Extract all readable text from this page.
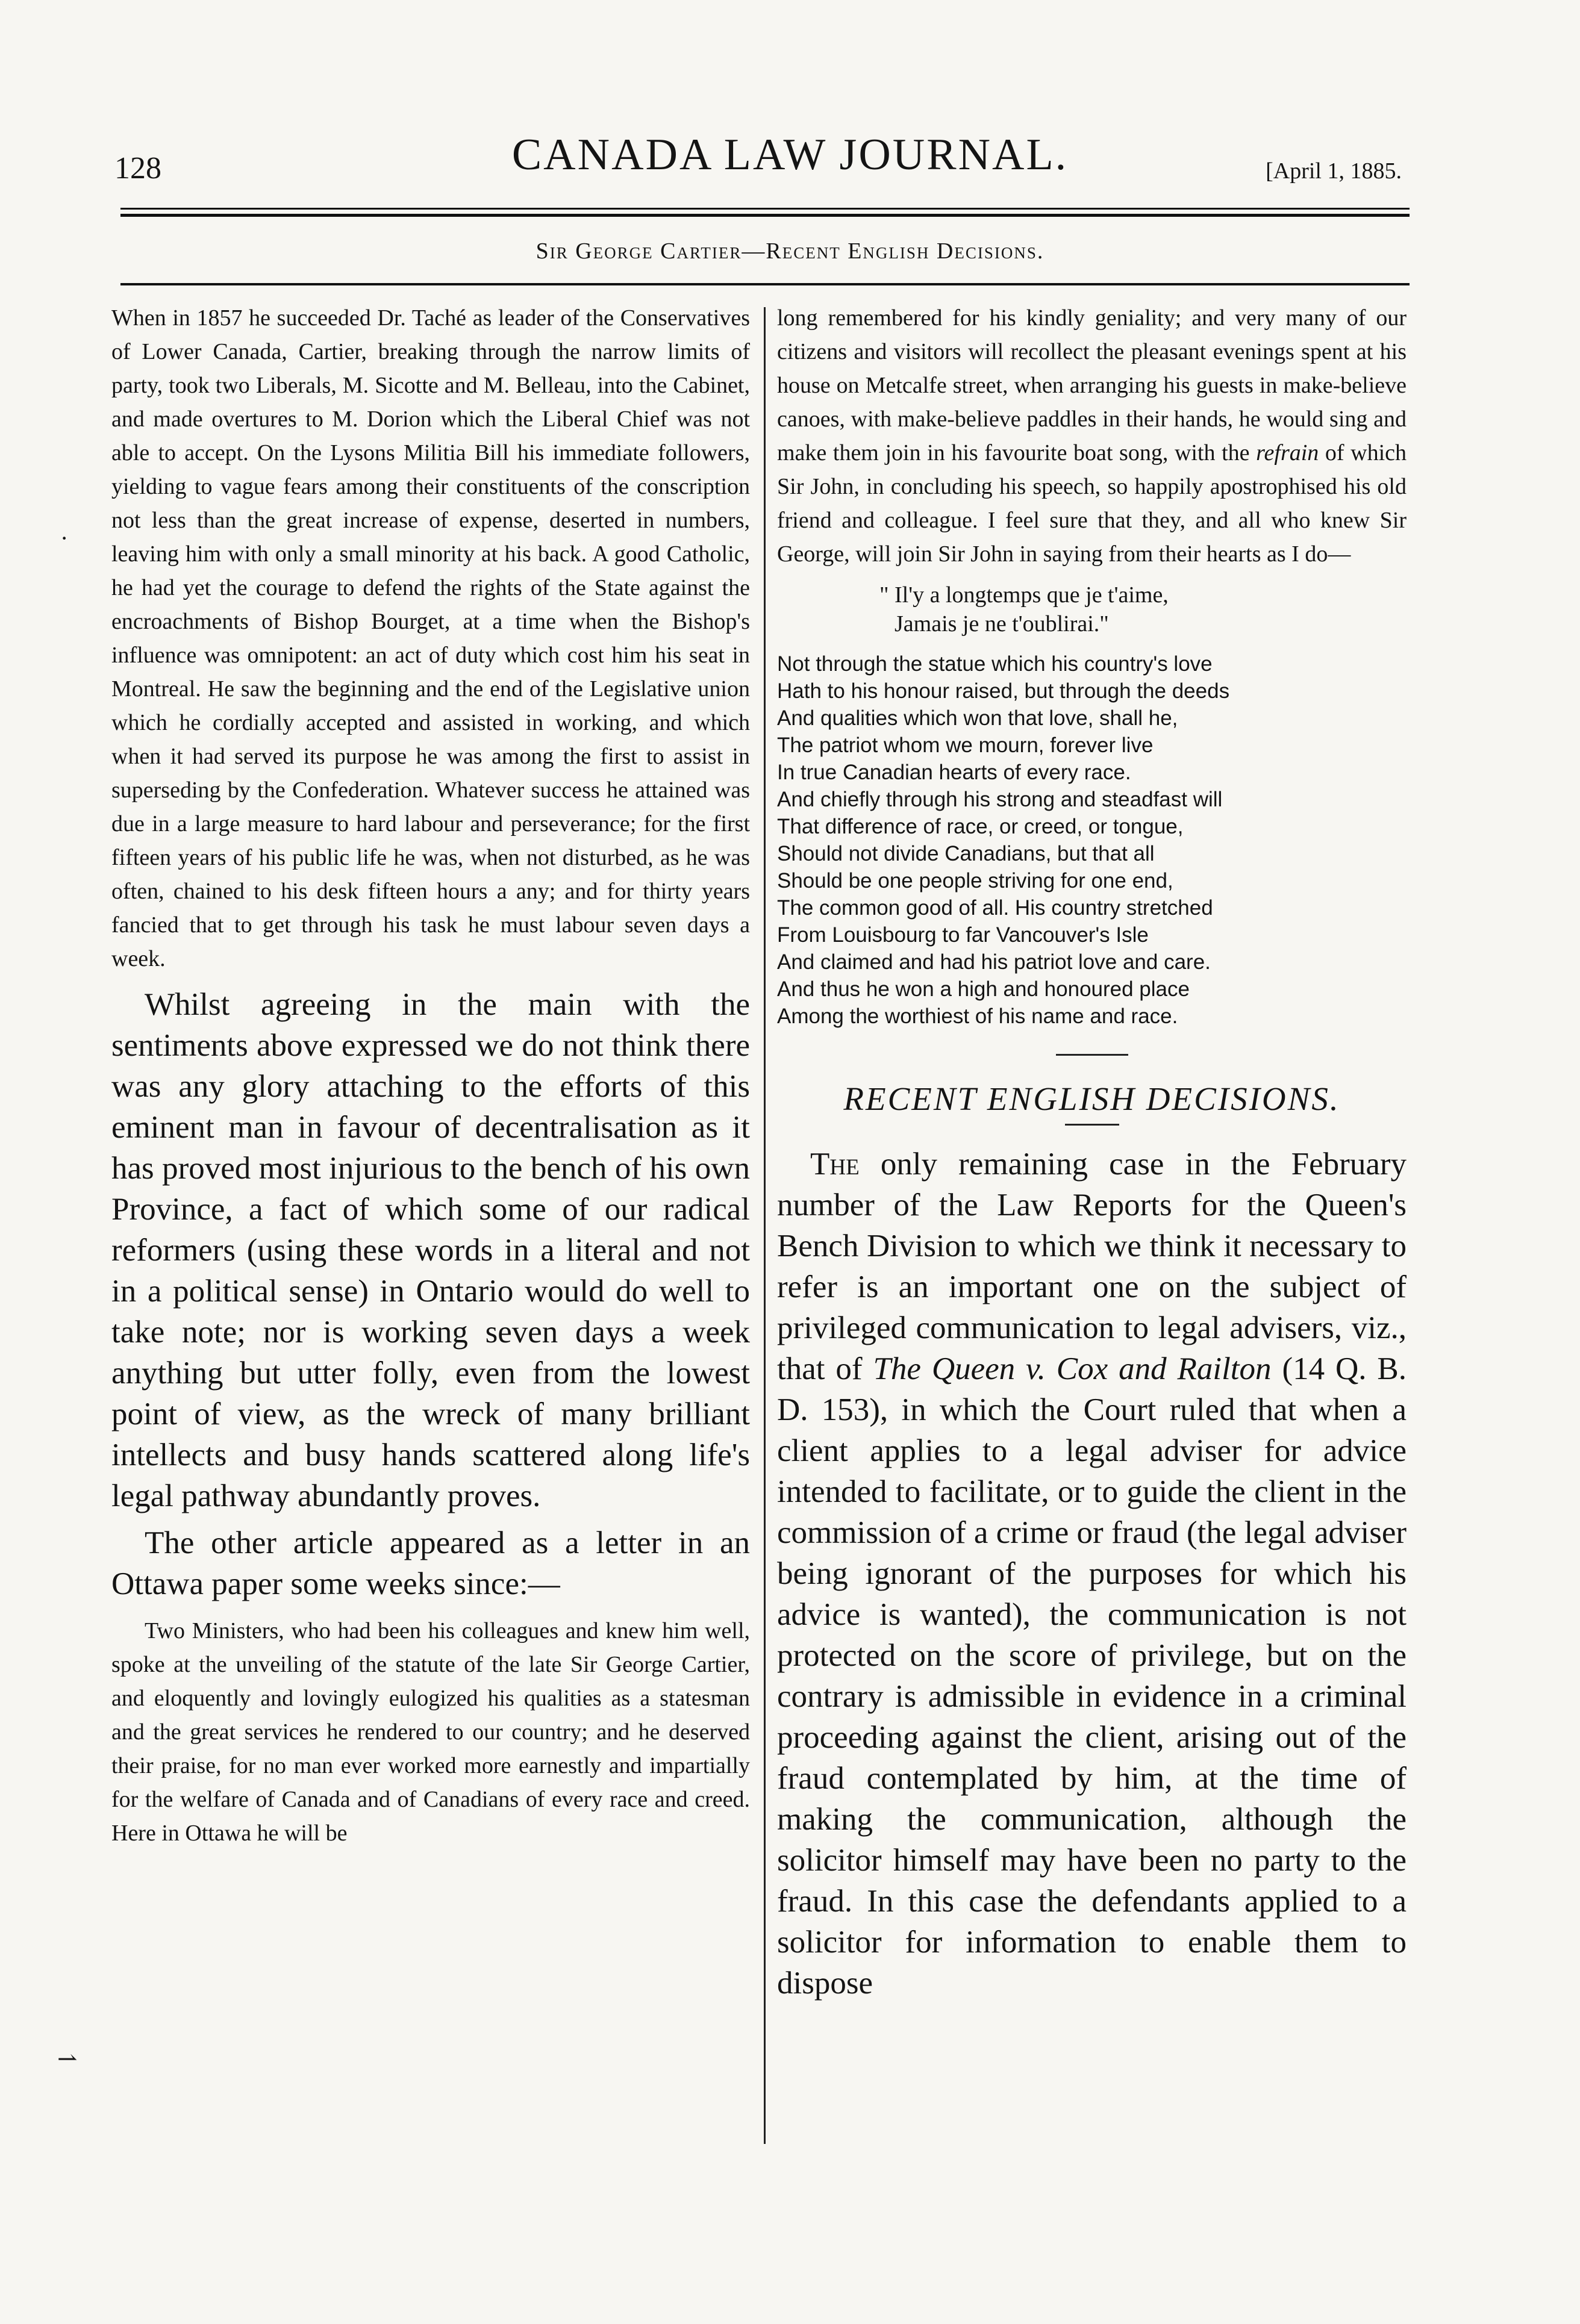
128	CANADA LAW JOURNAL.	[April 1, 1885.
Sir George Cartier—Recent English Decisions.

When in 1857 he succeeded Dr. Taché as leader of the Conservatives of Lower Canada, Cartier, breaking through the narrow limits of party, took two Liberals, M. Sicotte and M. Belleau, into the Cabinet, and made overtures to M. Dorion which the Liberal Chief was not able to accept. On the Lysons Militia Bill his immediate followers, yielding to vague fears among their constituents of the conscription not less than the great increase of expense, deserted in numbers, leaving him with only a small minority at his back. A good Catholic, he had yet the courage to defend the rights of the State against the encroachments of Bishop Bourget, at a time when the Bishop's influence was omnipotent: an act of duty which cost him his seat in Montreal. He saw the beginning and the end of the Legislative union which he cordially accepted and assisted in working, and which when it had served its purpose he was among the first to assist in superseding by the Confederation. Whatever success he attained was due in a large measure to hard labour and perseverance; for the first fifteen years of his public life he was, when not disturbed, as he was often, chained to his desk fifteen hours a any; and for thirty years fancied that to get through his task he must labour seven days a week.

Whilst agreeing in the main with the sentiments above expressed we do not think there was any glory attaching to the efforts of this eminent man in favour of decentralisation as it has proved most injurious to the bench of his own Province, a fact of which some of our radical reformers (using these words in a literal and not in a political sense) in Ontario would do well to take note; nor is working seven days a week anything but utter folly, even from the lowest point of view, as the wreck of many brilliant intellects and busy hands scattered along life's legal pathway abundantly proves.

The other article appeared as a letter in an Ottawa paper some weeks since:—

Two Ministers, who had been his colleagues and knew him well, spoke at the unveiling of the statute of the late Sir George Cartier, and eloquently and lovingly eulogized his qualities as a statesman and the great services he rendered to our country; and he deserved their praise, for no man ever worked more earnestly and impartially for the welfare of Canada and of Canadians of every race and creed. Here in Ottawa he will be

long remembered for his kindly geniality; and very many of our citizens and visitors will recollect the pleasant evenings spent at his house on Metcalfe street, when arranging his guests in make-believe canoes, with make-believe paddles in their hands, he would sing and make them join in his favourite boat song, with the refrain of which Sir John, in concluding his speech, so happily apostrophised his old friend and colleague. I feel sure that they, and all who knew Sir George, will join Sir John in saying from their hearts as I do—

" Il'y a longtemps que je t'aime,
Jamais je ne t'oublirai."
Not through the statue which his country's love
Hath to his honour raised, but through the deeds
And qualities which won that love, shall he,
The patriot whom we mourn, forever live
In true Canadian hearts of every race.
And chiefly through his strong and steadfast will
That difference of race, or creed, or tongue,
Should not divide Canadians, but that all
Should be one people striving for one end,
The common good of all. His country stretched
From Louisbourg to far Vancouver's Isle
And claimed and had his patriot love and care.
And thus he won a high and honoured place
Among the worthiest of his name and race.
RECENT ENGLISH DECISIONS.

The only remaining case in the February number of the Law Reports for the Queen's Bench Division to which we think it necessary to refer is an important one on the subject of privileged communication to legal advisers, viz., that of The Queen v. Cox and Railton (14 Q. B. D. 153), in which the Court ruled that when a client applies to a legal adviser for advice intended to facilitate, or to guide the client in the commission of a crime or fraud (the legal adviser being ignorant of the purposes for which his advice is wanted), the communication is not protected on the score of privilege, but on the contrary is admissible in evidence in a criminal proceeding against the client, arising out of the fraud contemplated by him, at the time of making the communication, although the solicitor himself may have been no party to the fraud. In this case the defendants applied to a solicitor for information to enable them to dispose

·
⇀
